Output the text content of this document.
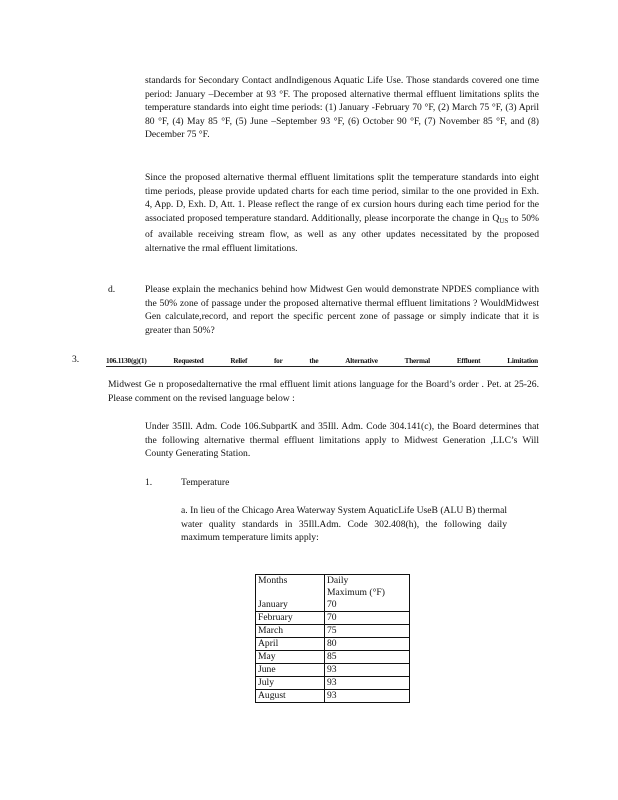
standards for Secondary Contact andIndigenous Aquatic Life Use. Those standards covered one time period: January –December at 93 °F. The proposed alternative thermal effluent limitations splits the temperature standards into eight time periods: (1) January -February 70 °F, (2) March 75 °F, (3) April 80 °F, (4) May 85 °F, (5) June –September 93 °F, (6) October 90 °F, (7) November 85 °F, and (8) December 75 °F.

Since the proposed alternative thermal effluent limitations split the temperature standards into eight time periods, please provide updated charts for each time period, similar to the one provided in Exh. 4, App. D, Exh. D, Att. 1. Please reflect the range of ex cursion hours during each time period for the associated proposed temperature standard. Additionally, please incorporate the change in $Q_{US}$ to 50% of available receiving stream flow, as well as any other updates necessitated by the proposed alternative the rmal effluent limitations.

d.	Please explain the mechanics behind how Midwest Gen would demonstrate NPDES compliance with the 50% zone of passage under the proposed alternative thermal effluent limitations ? WouldMidwest Gen calculate,record, and report the specific percent zone of passage or simply indicate that it is greater than 50%?

3.	106.1130(g)(1)	Requested	Relief	for	the	Alternative	Thermal	Effluent	Limitation

Midwest Ge n proposedalternative the rmal effluent limit ations language for the Board’s order . Pet. at 25-26. Please comment on the revised language below :

Under 35Ill. Adm. Code 106.SubpartK and 35Ill. Adm. Code 304.141(c), the Board determines that the following alternative thermal effluent limitations apply to Midwest Generation ,LLC’s Will County Generating Station.

1.	Temperature

a. In lieu of the Chicago Area Waterway System AquaticLife UseB (ALU B) thermal water quality standards in 35Ill.Adm. Code 302.408(h), the following daily maximum temperature limits apply:

Months	Daily
Maximum (°F)
January	70
February	70
March	75
April	80
May	85
June	93
July	93
August	93
